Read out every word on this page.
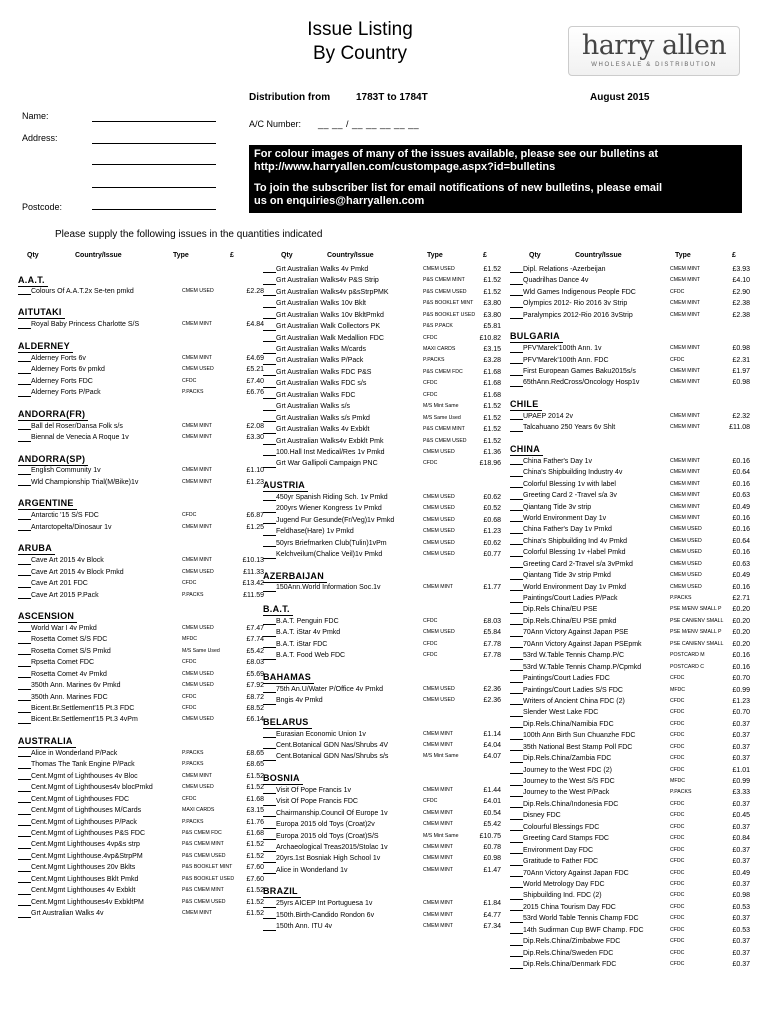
Issue Listing
By Country	harry allen
WHOLESALE & DISTRIBUTION
Distribution from	1783T to 1784T	August 2015
Name:
Address:
Postcode:
A/C Number: __ __ / __ __ __ __ __

For colour images of many of the issues available, please see our bulletins at

http://www.harryallen.com/custompage.aspx?id=bulletins

To join the subscriber list for email notifications of new bulletins, please email

us on enquiries@harryallen.com

Please supply the following issues in the quantities indicated
Qty	Country/Issue	Type	£	Qty	Country/Issue	Type	£	Qty	Country/Issue	Type	£
A.A.T.
Colours Of A.A.T.2x Se-ten pmkd	CMEM USED	£2.28
AITUTAKI
Royal Baby Princess Charlotte S/S	CMEM MINT	£4.84
ALDERNEY
Alderney Forts 6v	CMEM MINT	£4.69
Alderney Forts 6v pmkd	CMEM USED	£5.21
Alderney Forts FDC	CFDC	£7.40
Alderney Forts P/Pack	P.PACKS	£6.76
ANDORRA(FR)
Ball del Roser/Dansa Folk s/s	CMEM MINT	£2.08
Biennal de Venecia A Roque 1v	CMEM MINT	£3.30
ANDORRA(SP)
English Community 1v	CMEM MINT	£1.10
Wld Championship Trial(M/Bike)1v	CMEM MINT	£1.23
ARGENTINE
Antarctic '15 S/S FDC	CFDC	£6.87
Antarctopelta/Dinosaur 1v	CMEM MINT	£1.25
ARUBA
Cave Art 2015 4v Block	CMEM MINT	£10.13
Cave Art 2015 4v Block Pmkd	CMEM USED	£11.33
Cave Art 201 FDC	CFDC	£13.42
Cave Art 2015 P.Pack	P.PACKS	£11.59
ASCENSION
World War I 4v Pmkd	CMEM USED	£7.47
Rosetta Comet S/S FDC	MFDC	£7.74
Rosetta Comet S/S Pmkd	M/S Same Used	£5.42
Rpsetta Comet FDC	CFDC	£8.03
Rosetta Comet 4v Pmkd	CMEM USED	£5.69
350th Ann. Marines 6v Pmkd	CMEM USED	£7.92
350th Ann. Marines FDC	CFDC	£8.72
Bicent.Br.Settlement'15 Pt.3 FDC	CFDC	£8.52
Bicent.Br.Settlement'15 Pt.3 4vPm	CMEM USED	£6.14
AUSTRALIA
Alice in Wonderland P/Pack	P.PACKS	£8.65
Thomas The Tank Engine P/Pack	P.PACKS	£8.65
Cent.Mgmt of Lighthouses 4v Bloc	CMEM MINT	£1.52
Cent.Mgmt of Lighthouses4v blocPmkd	CMEM USED	£1.52
Cent.Mgmt of Lighthouses FDC	CFDC	£1.68
Cent.Mgmt of Lighthouses M/Cards	MAXI CARDS	£3.15
Cent.Mgmt of Lighthouses P/Pack	P.PACKS	£1.76
Cent.Mgmt of Lighthouses P&S FDC	P&S CMEM FDC	£1.68
Cent.Mgmt Lighthouses 4vp&s strp	P&S CMEM MINT	£1.52
Cent.Mgmt Lighthouse.4vp&StrpPM	P&S CMEM USED	£1.52
Cent.Mgmt Lighthouses 20v Bklts	P&S BOOKLET MINT	£7.60
Cent.Mgmt Lighthouses Bklt Pmkd	P&S BOOKLET USED	£7.60
Cent.Mgmt Lighthouses 4v Exbklt	P&S CMEM MINT	£1.52
Cent.Mgmt Lighthouses4v ExbkltPM	P&S CMEM USED	£1.52
Grt Australian Walks 4v	CMEM MINT	£1.52
Grt Australian Walks 4v Pmkd	CMEM USED	£1.52
Grt Australian Walks4v P&S Strip	P&S CMEM MINT	£1.52
Grt Australian Walks4v p&sStrpPMK	P&S CMEM USED	£1.52
Grt Australian Walks 10v Bklt	P&S BOOKLET MINT	£3.80
Grt Australian Walks 10v BkltPmkd	P&S BOOKLET USED	£3.80
Grt Australian Walk Collectors PK	P&S P.PACK	£5.81
Grt Australian Walk Medallion FDC	CFDC	£10.82
Grt Australian Walks M/cards	MAXI CARDS	£3.15
Grt Australian Walks P/Pack	P.PACKS	£3.28
Grt Australian Walks FDC P&S	P&S CMEM FDC	£1.68
Grt Australian Walks FDC s/s	CFDC	£1.68
Grt Australian Walks FDC	CFDC	£1.68
Grt Australian Walks s/s	M/S Mint Same	£1.52
Grt Australian Walks s/s Pmkd	M/S Same Used	£1.52
Grt Australian Walks 4v Exbklt	P&S CMEM MINT	£1.52
Grt Australian Walks4v Exbklt Pmk	P&S CMEM USED	£1.52
100.Hall Inst Medical/Res 1v Pmkd	CMEM USED	£1.36
Grt War Gallipoli Campaign PNC	CFDC	£18.96
AUSTRIA
450yr Spanish Riding Sch. 1v Pmkd	CMEM USED	£0.62
200yrs Wiener Kongress 1v Pmkd	CMEM USED	£0.52
Jugend Fur Gesunde(Fr/Veg)1v Pmkd	CMEM USED	£0.68
Feldhase(Hare) 1v Pmkd	CMEM USED	£1.23
50yrs Briefmarken Club(Tulin)1vPm	CMEM USED	£0.62
Kelchveilum(Chalice Veil)1v Pmkd	CMEM USED	£0.77
AZERBAIJAN
150Ann.World Information Soc.1v	CMEM MINT	£1.77
B.A.T.
B.A.T. Penguin FDC	CFDC	£8.03
B.A.T. iStar 4v Pmkd	CMEM USED	£5.84
B.A.T. iStar FDC	CFDC	£7.78
B.A.T. Food Web FDC	CFDC	£7.78
BAHAMAS
75th An.U/Water P/Office 4v Pmkd	CMEM USED	£2.36
Bngis 4v Pmkd	CMEM USED	£2.36
BELARUS
Eurasian Economic Union 1v	CMEM MINT	£1.14
Cent.Botanical GDN Nas/Shrubs 4V	CMEM MINT	£4.04
Cent.Botanical GDN Nas/Shrubs s/s	M/S Mint Same	£4.07
BOSNIA
Visit Of Pope Francis 1v	CMEM MINT	£1.44
Visit Of Pope Francis FDC	CFDC	£4.01
Chairmanship.Council Of Europe 1v	CMEM MINT	£0.54
Europa 2015 old Toys (Croat)2v	CMEM MINT	£5.42
Europa 2015 old Toys (Croat)S/S	M/S Mint Same	£10.75
Archaeological Treas2015/Stolac 1v	CMEM MINT	£0.78
20yrs.1st Bosniak High School 1v	CMEM MINT	£0.98
Alice in Wonderland 1v	CMEM MINT	£1.47
BRAZIL
25yrs AICEP Int Portuguesa 1v	CMEM MINT	£1.84
150th.Birth-Candido Rondon 6v	CMEM MINT	£4.77
150th Ann. ITU 4v	CMEM MINT	£7.34
Dipl. Relations -Azerbeijan	CMEM MINT	£3.93
Quadrilhas Dance 4v	CMEM MINT	£4.10
Wld Games Indigenous People FDC	CFDC	£2.90
Olympics 2012- Rio 2016 3v Strip	CMEM MINT	£2.38
Paralympics 2012-Rio 2016 3vStrip	CMEM MINT	£2.38
BULGARIA
PFV'Marek'100th Ann. 1v	CMEM MINT	£0.98
PFV'Marek'100th Ann. FDC	CFDC	£2.31
First European Games Baku2015s/s	CMEM MINT	£1.97
65thAnn.RedCross/Oncology Hosp1v	CMEM MINT	£0.98
CHILE
UPAEP 2014 2v	CMEM MINT	£2.32
Talcahuano 250 Years 6v Shlt	CMEM MINT	£11.08
CHINA
China Father's Day 1v	CMEM MINT	£0.16
China's Shipbuilding Industry 4v	CMEM MINT	£0.64
Colorful Blessing 1v with label	CMEM MINT	£0.16
Greeting Card 2 -Travel s/a 3v	CMEM MINT	£0.63
Qiantang Tide 3v strip	CMEM MINT	£0.49
World Environment Day 1v	CMEM MINT	£0.16
China Father's Day 1v Pmkd	CMEM USED	£0.16
China's Shipbuilding Ind 4v Pmkd	CMEM USED	£0.64
Colorful Blessing 1v +label Pmkd	CMEM USED	£0.16
Greeting Card 2-Travel s/a 3vPmkd	CMEM USED	£0.63
Qiantang Tide 3v strip Pmkd	CMEM USED	£0.49
World Environment Day 1v Pmkd	CMEM USED	£0.16
Paintings/Court Ladies P/Pack	P.PACKS	£2.71
Dip.Rels China/EU PSE	PSE M/ENV SMALL P	£0.20
Dip.Rels.China/EU PSE pmkd	PSE CAN/ENV SMALL	£0.20
70Ann Victory Against Japan PSE	PSE M/ENV SMALL P	£0.20
70Ann Victory Against Japan PSEpmk	PSE CAN/ENV SMALL	£0.20
53rd W.Table Tennis Champ.P/C	POSTCARD M	£0.16
53rd W.Table Tennis Champ.P/Cpmkd	POSTCARD C	£0.16
Paintings/Court Ladies FDC	CFDC	£0.70
Paintings/Court Ladies S/S FDC	MFDC	£0.99
Writers of Ancient China FDC (2)	CFDC	£1.23
Slender West Lake FDC	CFDC	£0.70
Dip.Rels.China/Namibia FDC	CFDC	£0.37
100th Ann Birth Sun Chuanzhe FDC	CFDC	£0.37
35th National Best Stamp Poll FDC	CFDC	£0.37
Dip.Rels.China/Zambia FDC	CFDC	£0.37
Journey to the West FDC (2)	CFDC	£1.01
Journey to the West S/S FDC	MFDC	£0.99
Journey to the West P/Pack	P.PACKS	£3.33
Dip.Rels.China/Indonesia FDC	CFDC	£0.37
Disney FDC	CFDC	£0.45
Colourful Blessings FDC	CFDC	£0.37
Greeting Card Stamps FDC	CFDC	£0.84
Environment Day FDC	CFDC	£0.37
Gratitude to Father FDC	CFDC	£0.37
70Ann Victory Against Japan FDC	CFDC	£0.49
World Metrology Day FDC	CFDC	£0.37
Shipbuilding Ind. FDC (2)	CFDC	£0.98
2015 China Tourism Day FDC	CFDC	£0.53
53rd World Table Tennis Champ FDC	CFDC	£0.37
14th Sudirman Cup BWF Champ. FDC	CFDC	£0.53
Dip.Rels.China/Zimbabwe FDC	CFDC	£0.37
Dip.Rels.China/Sweden FDC	CFDC	£0.37
Dip.Rels.China/Denmark FDC	CFDC	£0.37
